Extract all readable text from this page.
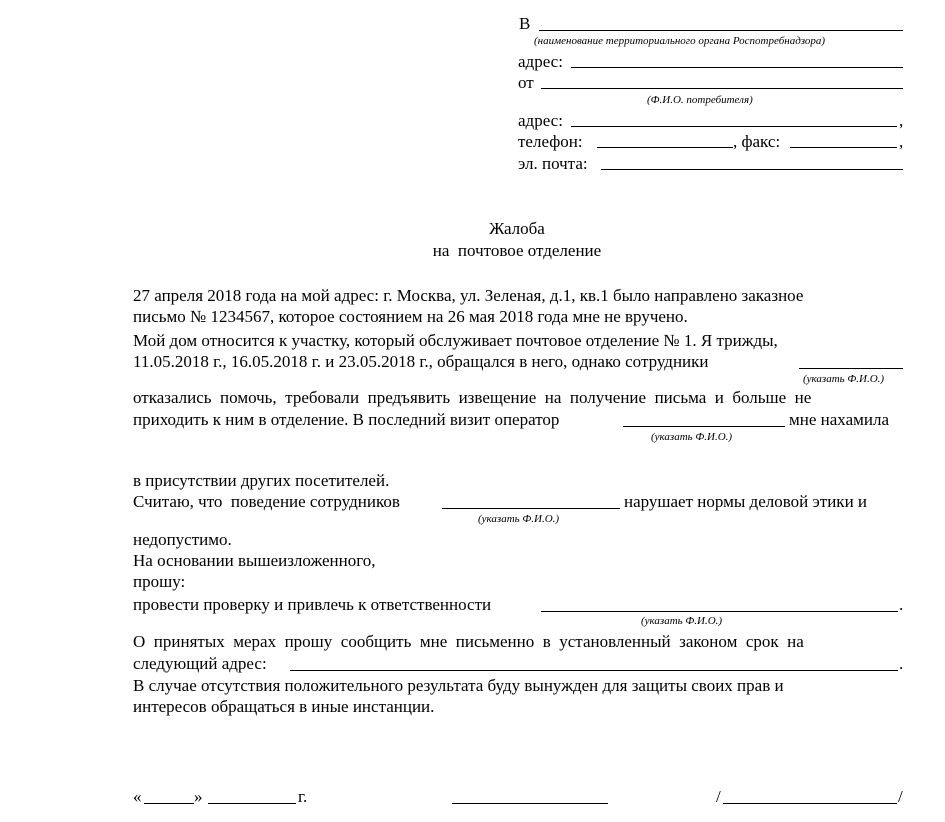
В
(наименование территориального органа Роспотребнадзора)
адрес:
от
(Ф.И.О. потребителя)
адрес:	,
телефон:	, факс:	,
эл. почта:
Жалоба
на  почтовое отделение
27 апреля 2018 года на мой адрес: г. Москва, ул. Зеленая, д.1, кв.1 было направлено заказное
письмо № 1234567, которое состоянием на 26 мая 2018 года мне не вручено.
Мой дом относится к участку, который обслуживает почтовое отделение № 1. Я трижды,
11.05.2018 г., 16.05.2018 г. и 23.05.2018 г., обращался в него, однако сотрудники
(указать Ф.И.О.)
отказались  помочь,  требовали  предъявить  извещение  на  получение  письма  и  больше  не
приходить к ним в отделение. В последний визит оператор	мне нахамила
(указать Ф.И.О.)
в присутствии других посетителей.
Считаю, что  поведение сотрудников	нарушает нормы деловой этики и
(указать Ф.И.О.)
недопустимо.
На основании вышеизложенного,
прошу:
провести проверку и привлечь к ответственности	.
(указать Ф.И.О.)
О  принятых  мерах  прошу  сообщить  мне  письменно  в  установленный  законом  срок  на
следующий адрес:	.
В случае отсутствия положительного результата буду вынужден для защиты своих прав и
интересов обращаться в иные инстанции.
«	»	г.	/	/
